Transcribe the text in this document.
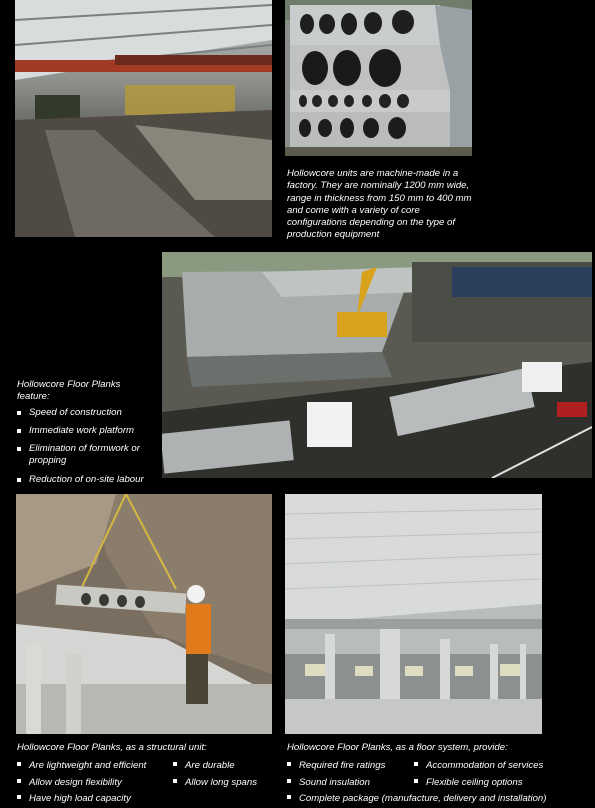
Hollowcore units are machine-made in a factory. They are nominally 1200 mm wide, range in thickness from 150 mm to 400 mm and come with a variety of core configurations depending on the type of production equipment
Hollowcore Floor Planks feature:
Speed of construction
Immediate work platform
Elimination of formwork or propping
Reduction of on-site labour
Hollowcore Floor Planks, as a structural unit:
Are lightweight and efficient
Allow design flexibility
Have high load capacity
Are durable
Allow long spans
Hollowcore Floor Planks, as a floor system, provide:
Required fire ratings
Sound insulation
Complete package (manufacture, delivery and installation)
Accommodation of services
Flexible ceiling options
